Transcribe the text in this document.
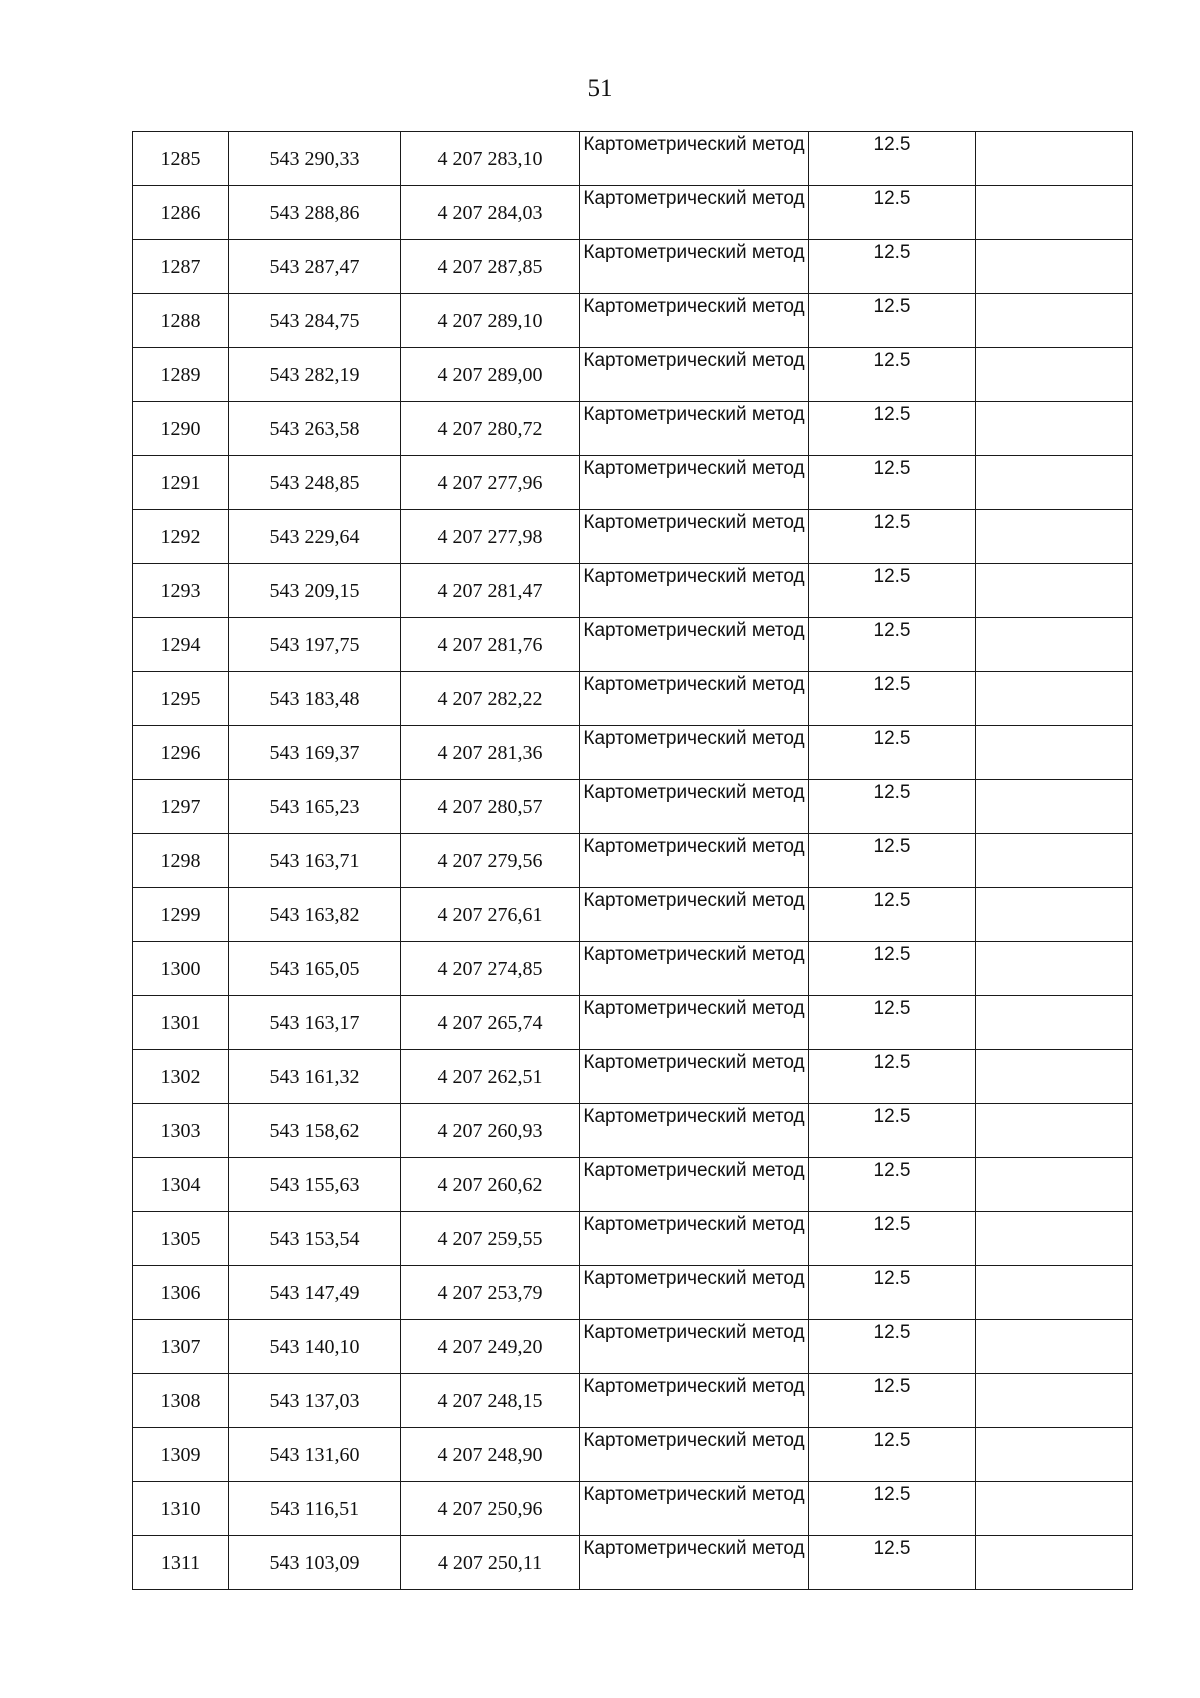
51
1285	543 290,33	4 207 283,10	Картометрический метод	12.5	
1286	543 288,86	4 207 284,03	Картометрический метод	12.5	
1287	543 287,47	4 207 287,85	Картометрический метод	12.5	
1288	543 284,75	4 207 289,10	Картометрический метод	12.5	
1289	543 282,19	4 207 289,00	Картометрический метод	12.5	
1290	543 263,58	4 207 280,72	Картометрический метод	12.5	
1291	543 248,85	4 207 277,96	Картометрический метод	12.5	
1292	543 229,64	4 207 277,98	Картометрический метод	12.5	
1293	543 209,15	4 207 281,47	Картометрический метод	12.5	
1294	543 197,75	4 207 281,76	Картометрический метод	12.5	
1295	543 183,48	4 207 282,22	Картометрический метод	12.5	
1296	543 169,37	4 207 281,36	Картометрический метод	12.5	
1297	543 165,23	4 207 280,57	Картометрический метод	12.5	
1298	543 163,71	4 207 279,56	Картометрический метод	12.5	
1299	543 163,82	4 207 276,61	Картометрический метод	12.5	
1300	543 165,05	4 207 274,85	Картометрический метод	12.5	
1301	543 163,17	4 207 265,74	Картометрический метод	12.5	
1302	543 161,32	4 207 262,51	Картометрический метод	12.5	
1303	543 158,62	4 207 260,93	Картометрический метод	12.5	
1304	543 155,63	4 207 260,62	Картометрический метод	12.5	
1305	543 153,54	4 207 259,55	Картометрический метод	12.5	
1306	543 147,49	4 207 253,79	Картометрический метод	12.5	
1307	543 140,10	4 207 249,20	Картометрический метод	12.5	
1308	543 137,03	4 207 248,15	Картометрический метод	12.5	
1309	543 131,60	4 207 248,90	Картометрический метод	12.5	
1310	543 116,51	4 207 250,96	Картометрический метод	12.5	
1311	543 103,09	4 207 250,11	Картометрический метод	12.5	
